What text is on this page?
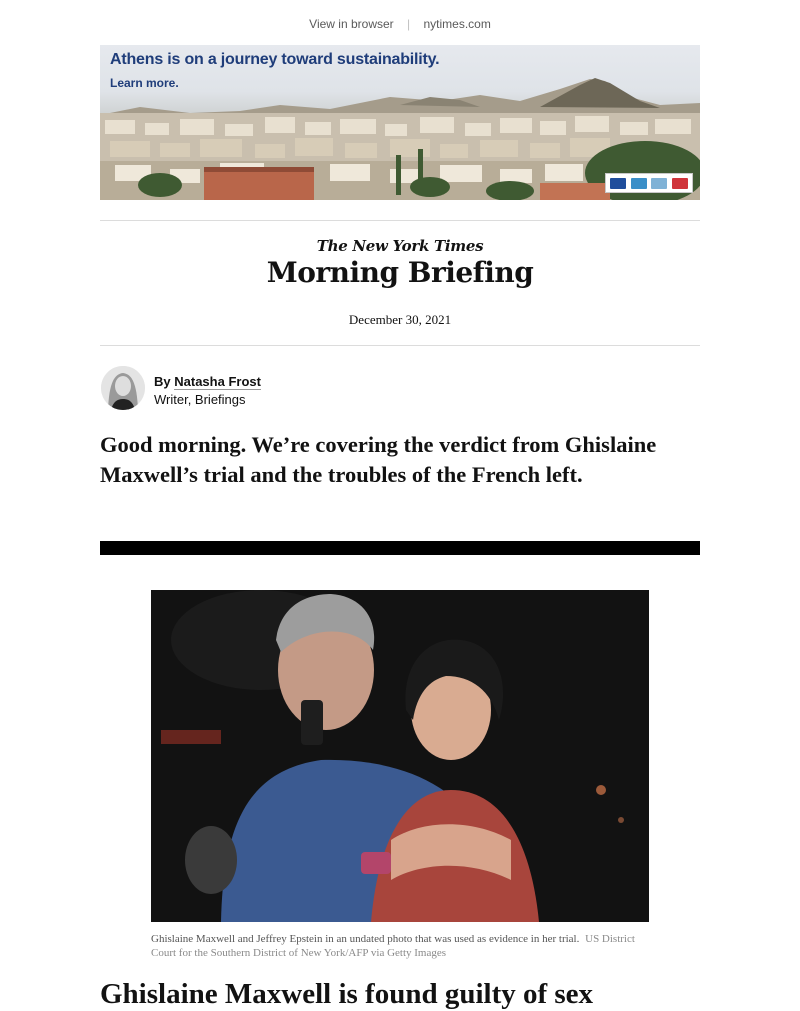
View in browser | nytimes.com
Athens is on a journey toward sustainability.
Learn more.
The New York Times
Morning Briefing
December 30, 2021
By Natasha Frost
Writer, Briefings
Good morning. We’re covering the verdict from Ghislaine Maxwell’s trial and the troubles of the French left.
Ghislaine Maxwell and Jeffrey Epstein in an undated photo that was used as evidence in her trial. US District Court for the Southern District of New York/AFP via Getty Images
Ghislaine Maxwell is found guilty of sex
